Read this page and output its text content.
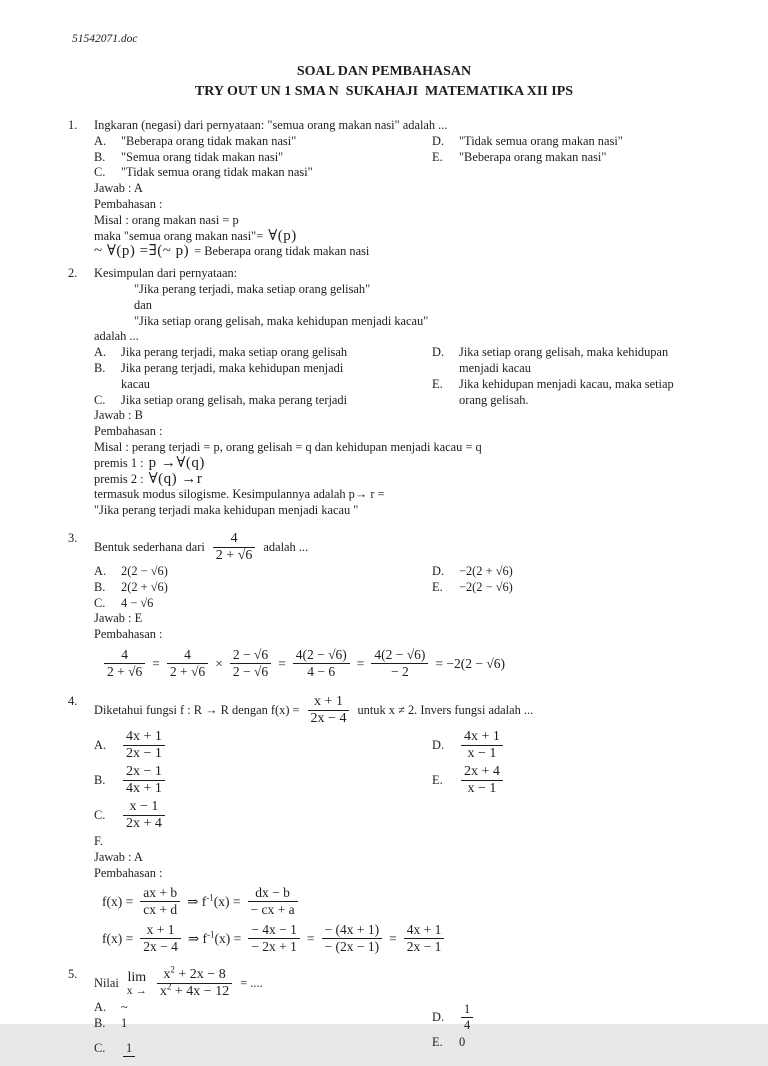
51542071.doc
SOAL DAN PEMBAHASAN
TRY OUT UN 1 SMA N  SUKAHAJI  MATEMATIKA XII IPS
1.	Ingkaran (negasi) dari pernyataan: "semua orang makan nasi" adalah ...
A.	"Beberapa orang tidak makan nasi"
B.	"Semua orang tidak makan nasi"
C.	"Tidak semua orang tidak makan nasi"
D.	"Tidak semua orang makan nasi"
E.	"Beberapa orang makan nasi"
Jawab : A
Pembahasan :
Misal : orang makan nasi = p
maka "semua orang makan nasi"= ∀(p)
~ ∀(p) =∃(~ p) = Beberapa orang tidak makan nasi
2.	Kesimpulan dari pernyataan:
"Jika perang terjadi, maka setiap orang gelisah"
dan
"Jika setiap orang gelisah, maka kehidupan menjadi kacau"
adalah ...
A.	Jika perang terjadi, maka setiap orang gelisah
B.	Jika perang terjadi, maka kehidupan menjadi kacau
C.	Jika setiap orang gelisah, maka perang terjadi
D.	Jika setiap orang gelisah, maka kehidupan menjadi kacau
E.	Jika kehidupan menjadi kacau, maka setiap orang gelisah.
Jawab : B
Pembahasan :
Misal : perang terjadi = p, orang gelisah = q dan kehidupan menjadi kacau = q
premis 1 : p →∀(q)
premis 2 : ∀(q) →r
termasuk modus silogisme. Kesimpulannya adalah p→ r =
"Jika perang terjadi maka kehidupan menjadi kacau "
3.
Bentuk sederhana dari $\frac{4}{2 + √6}$ adalah ...
A.	2(2 − √6)
B.	2(2 + √6)
C.	4 − √6
D.	−2(2 + √6)
E.	−2(2 − √6)
Jawab : E
Pembahasan :
$\frac{4}{2 + √6} = \frac{4}{2 + √6} \times \frac{2 - √6}{2 - √6} = \frac{4(2 - √6)}{4 - 6} = \frac{4(2 - √6)}{- 2} = -2(2 - √6)$
4.
Diketahui fungsi f : R → R dengan $f(x) = \frac{x + 1}{2x - 4}$ untuk x ≠ 2. Invers fungsi adalah ...
A.	$\frac{4x + 1}{2x - 1}$
B.	$\frac{2x - 1}{4x + 1}$
C.	$\frac{x - 1}{2x + 4}$
D.	$\frac{4x + 1}{x - 1}$
E.	$\frac{2x + 4}{x - 1}$
F.
Jawab : A
Pembahasan :
$f(x) = \frac{ax + b}{cx + d}$ ⇒ $f^{-1}(x) = \frac{dx - b}{- cx + a}$
$f(x) = \frac{x + 1}{2x - 4}$ ⇒ $f^{-1}(x) = \frac{- 4x - 1}{- 2x + 1} = \frac{- (4x + 1)}{- (2x - 1)} = \frac{4x + 1}{2x - 1}$
5.
Nilai lim
$x \to \frac{x^2 + 2x - 8}{x^2 + 4x - 12}$ = ....
A.	~
B.	1
C.	1
D.	$\frac{1}{4}$
E.	0
